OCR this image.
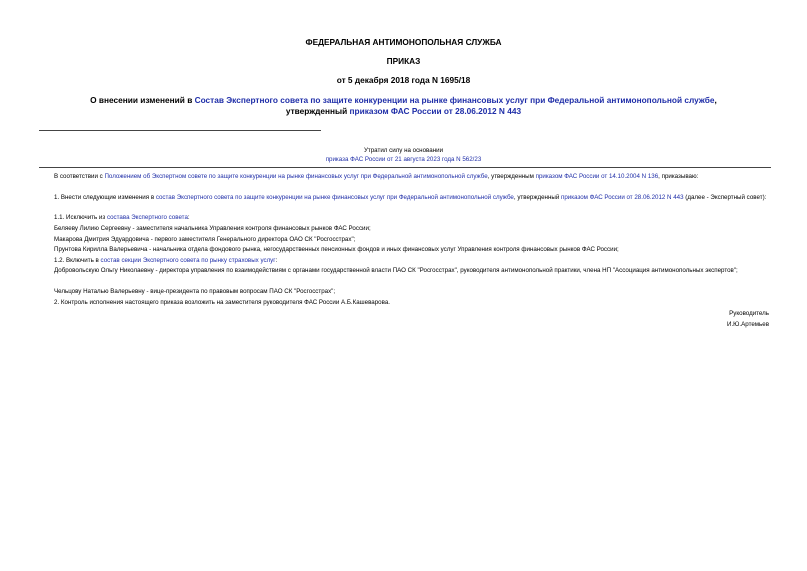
ФЕДЕРАЛЬНАЯ АНТИМОНОПОЛЬНАЯ СЛУЖБА
ПРИКАЗ
от 5 декабря 2018 года N 1695/18
О внесении изменений в Состав Экспертного совета по защите конкуренции на рынке финансовых услуг при Федеральной антимонопольной службе,
утвержденный приказом ФАС России от 28.06.2012 N 443
Утратил силу на основании
приказа ФАС России от 21 августа 2023 года N 562/23
В соответствии с Положением об Экспертном совете по защите конкуренции на рынке финансовых услуг при Федеральной антимонопольной службе, утвержденным приказом ФАС России от 14.10.2004 N 136, приказываю:
1. Внести следующие изменения в состав Экспертного совета по защите конкуренции на рынке финансовых услуг при Федеральной антимонопольной службе, утвержденный приказом ФАС России от 28.06.2012 N 443 (далее - Экспертный совет):
1.1. Исключить из состава Экспертного совета:
Беляеву Лилию Сергеевну - заместителя начальника Управления контроля финансовых рынков ФАС России;
Макарова Дмитрия Эдуардовича - первого заместителя Генерального директора ОАО СК "Росгосстрах";
Прунтова Кирилла Валерьевича - начальника отдела фондового рынка, негосударственных пенсионных фондов и иных финансовых услуг Управления контроля финансовых рынков ФАС России;
1.2. Включить в состав секции Экспертного совета по рынку страховых услуг:
Добровольскую Ольгу Николаевну - директора управления по взаимодействиям с органами государственной власти ПАО СК "Росгосстрах", руководителя антимонопольной практики, члена НП "Ассоциация антимонопольных экспертов";
Чельцову Наталью Валерьевну - вице-президента по правовым вопросам ПАО СК "Росгосстрах";
2. Контроль исполнения настоящего приказа возложить на заместителя руководителя ФАС России А.Б.Кашеварова.
Руководитель
И.Ю.Артемьев
